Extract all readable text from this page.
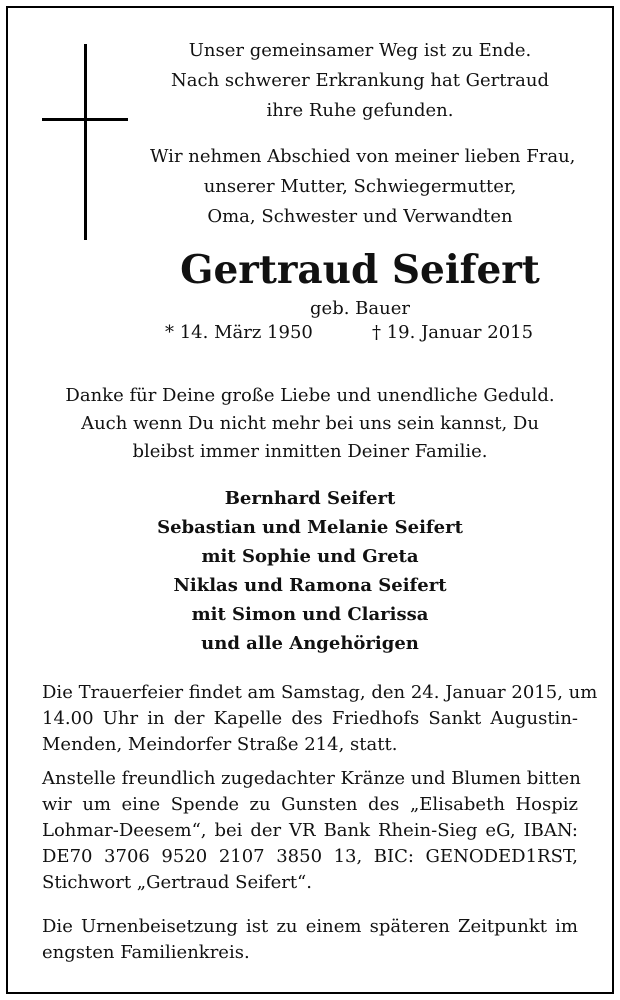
Unser gemeinsamer Weg ist zu Ende.
Nach schwerer Erkrankung hat Gertraud
ihre Ruhe gefunden.
Wir nehmen Abschied von meiner lieben Frau,
unserer Mutter, Schwiegermutter,
Oma, Schwester und Verwandten
Gertraud Seifert
geb. Bauer
* 14. März 1950	† 19. Januar 2015
Danke für Deine große Liebe und unendliche Geduld.
Auch wenn Du nicht mehr bei uns sein kannst, Du
bleibst immer inmitten Deiner Familie.
Bernhard Seifert
Sebastian und Melanie Seifert
mit Sophie und Greta
Niklas und Ramona Seifert
mit Simon und Clarissa
und alle Angehörigen
Die Trauerfeier findet am Samstag, den 24. Januar 2015, um
14.00 Uhr in der Kapelle des Friedhofs Sankt Augustin-
Menden, Meindorfer Straße 214, statt.
Anstelle freundlich zugedachter Kränze und Blumen bitten
wir um eine Spende zu Gunsten des „Elisabeth Hospiz
Lohmar-Deesem“, bei der VR Bank Rhein-Sieg eG, IBAN:
DE70 3706 9520 2107 3850 13, BIC: GENODED1RST,
Stichwort „Gertraud Seifert“.
Die Urnenbeisetzung ist zu einem späteren Zeitpunkt im
engsten Familienkreis.
